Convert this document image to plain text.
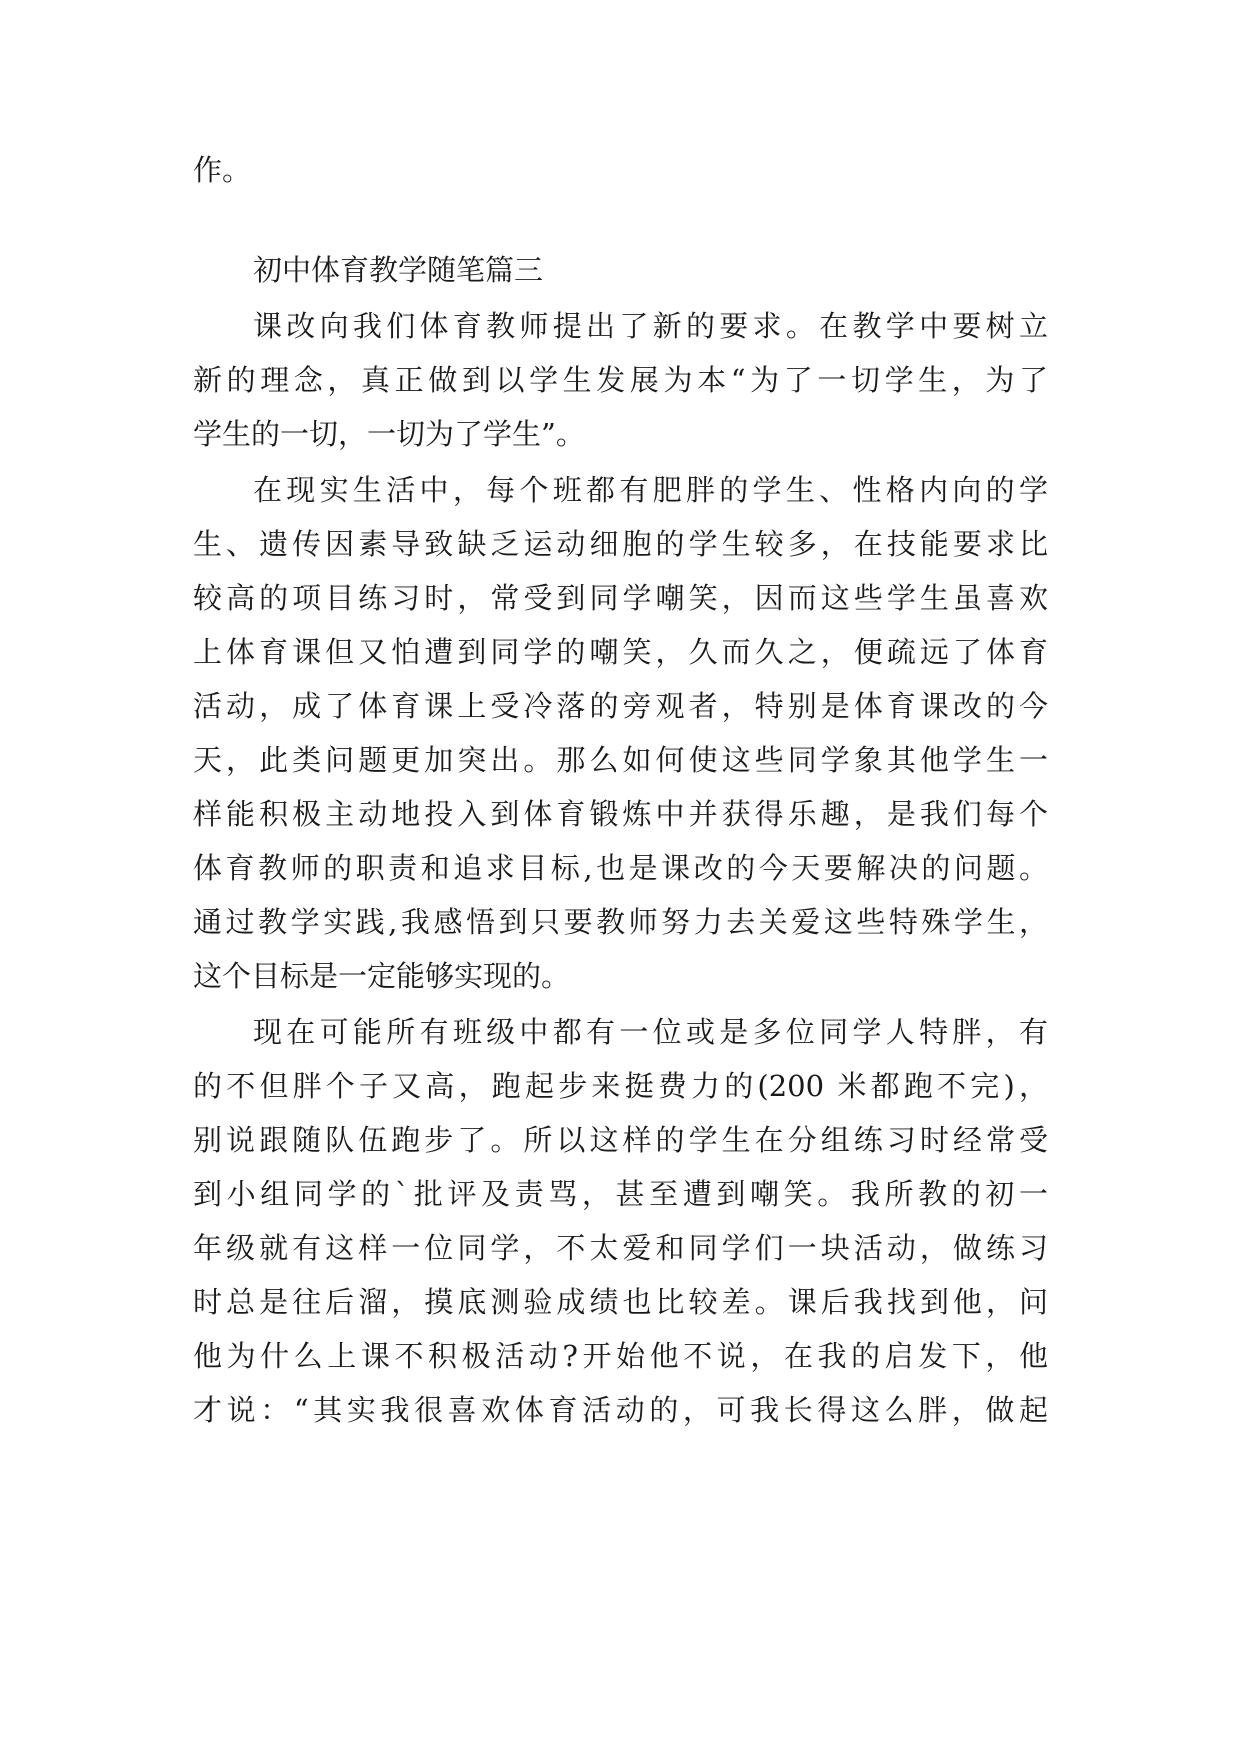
作。
初中体育教学随笔篇三
课改向我们体育教师提出了新的要求。在教学中要树立
新的理念，真正做到以学生发展为本“为了一切学生，为了
学生的一切，一切为了学生”。
在现实生活中，每个班都有肥胖的学生、性格内向的学
生、遗传因素导致缺乏运动细胞的学生较多，在技能要求比
较高的项目练习时，常受到同学嘲笑，因而这些学生虽喜欢
上体育课但又怕遭到同学的嘲笑，久而久之，便疏远了体育
活动，成了体育课上受冷落的旁观者，特别是体育课改的今
天，此类问题更加突出。那么如何使这些同学象其他学生一
样能积极主动地投入到体育锻炼中并获得乐趣，是我们每个
体育教师的职责和追求目标,也是课改的今天要解决的问题。
通过教学实践,我感悟到只要教师努力去关爱这些特殊学生，
这个目标是一定能够实现的。
现在可能所有班级中都有一位或是多位同学人特胖，有
的不但胖个子又高，跑起步来挺费力的(200 米都跑不完)，
别说跟随队伍跑步了。所以这样的学生在分组练习时经常受
到小组同学的`批评及责骂，甚至遭到嘲笑。我所教的初一
年级就有这样一位同学，不太爱和同学们一块活动，做练习
时总是往后溜，摸底测验成绩也比较差。课后我找到他，问
他为什么上课不积极活动?开始他不说，在我的启发下，他
才说：“其实我很喜欢体育活动的，可我长得这么胖，做起
